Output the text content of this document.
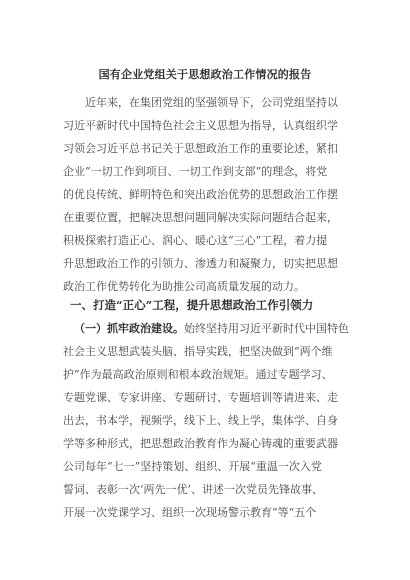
国有企业党组关于思想政治工作情况的报告
近年来，在集团党组的坚强领导下，公司党组坚持以
习近平新时代中国特色社会主义思想为指导，认真组织学
习领会习近平总书记关于思想政治工作的重要论述，紧扣
企业“一切工作到项目、一切工作到支部”的理念，将党
的优良传统、鲜明特色和突出政治优势的思想政治工作摆
在重要位置，把解决思想问题同解决实际问题结合起来，
积极探索打造正心、润心、暖心这“三心”工程，着力提
升思想政治工作的引领力、渗透力和凝聚力，切实把思想
政治工作优势转化为助推公司高质量发展的动力。
一、打造“正心”工程，提升思想政治工作引领力
（一）抓牢政治建设。始终坚持用习近平新时代中国特色
社会主义思想武装头脑、指导实践，把坚决做到“两个维
护”作为最高政治原则和根本政治规矩。通过专题学习、
专题党课、专家讲座、专题研讨、专题培训等请进来、走
出去，书本学，视频学，线下上、线上学，集体学、自身
学等多种形式，把思想政治教育作为凝心铸魂的重要武器
公司每年“七一”坚持策划、组织、开展“重温一次入党
誓词、表彰一次‘两先一优’、讲述一次党员先锋故事、
开展一次党课学习、组织一次现场警示教育”等“五个
